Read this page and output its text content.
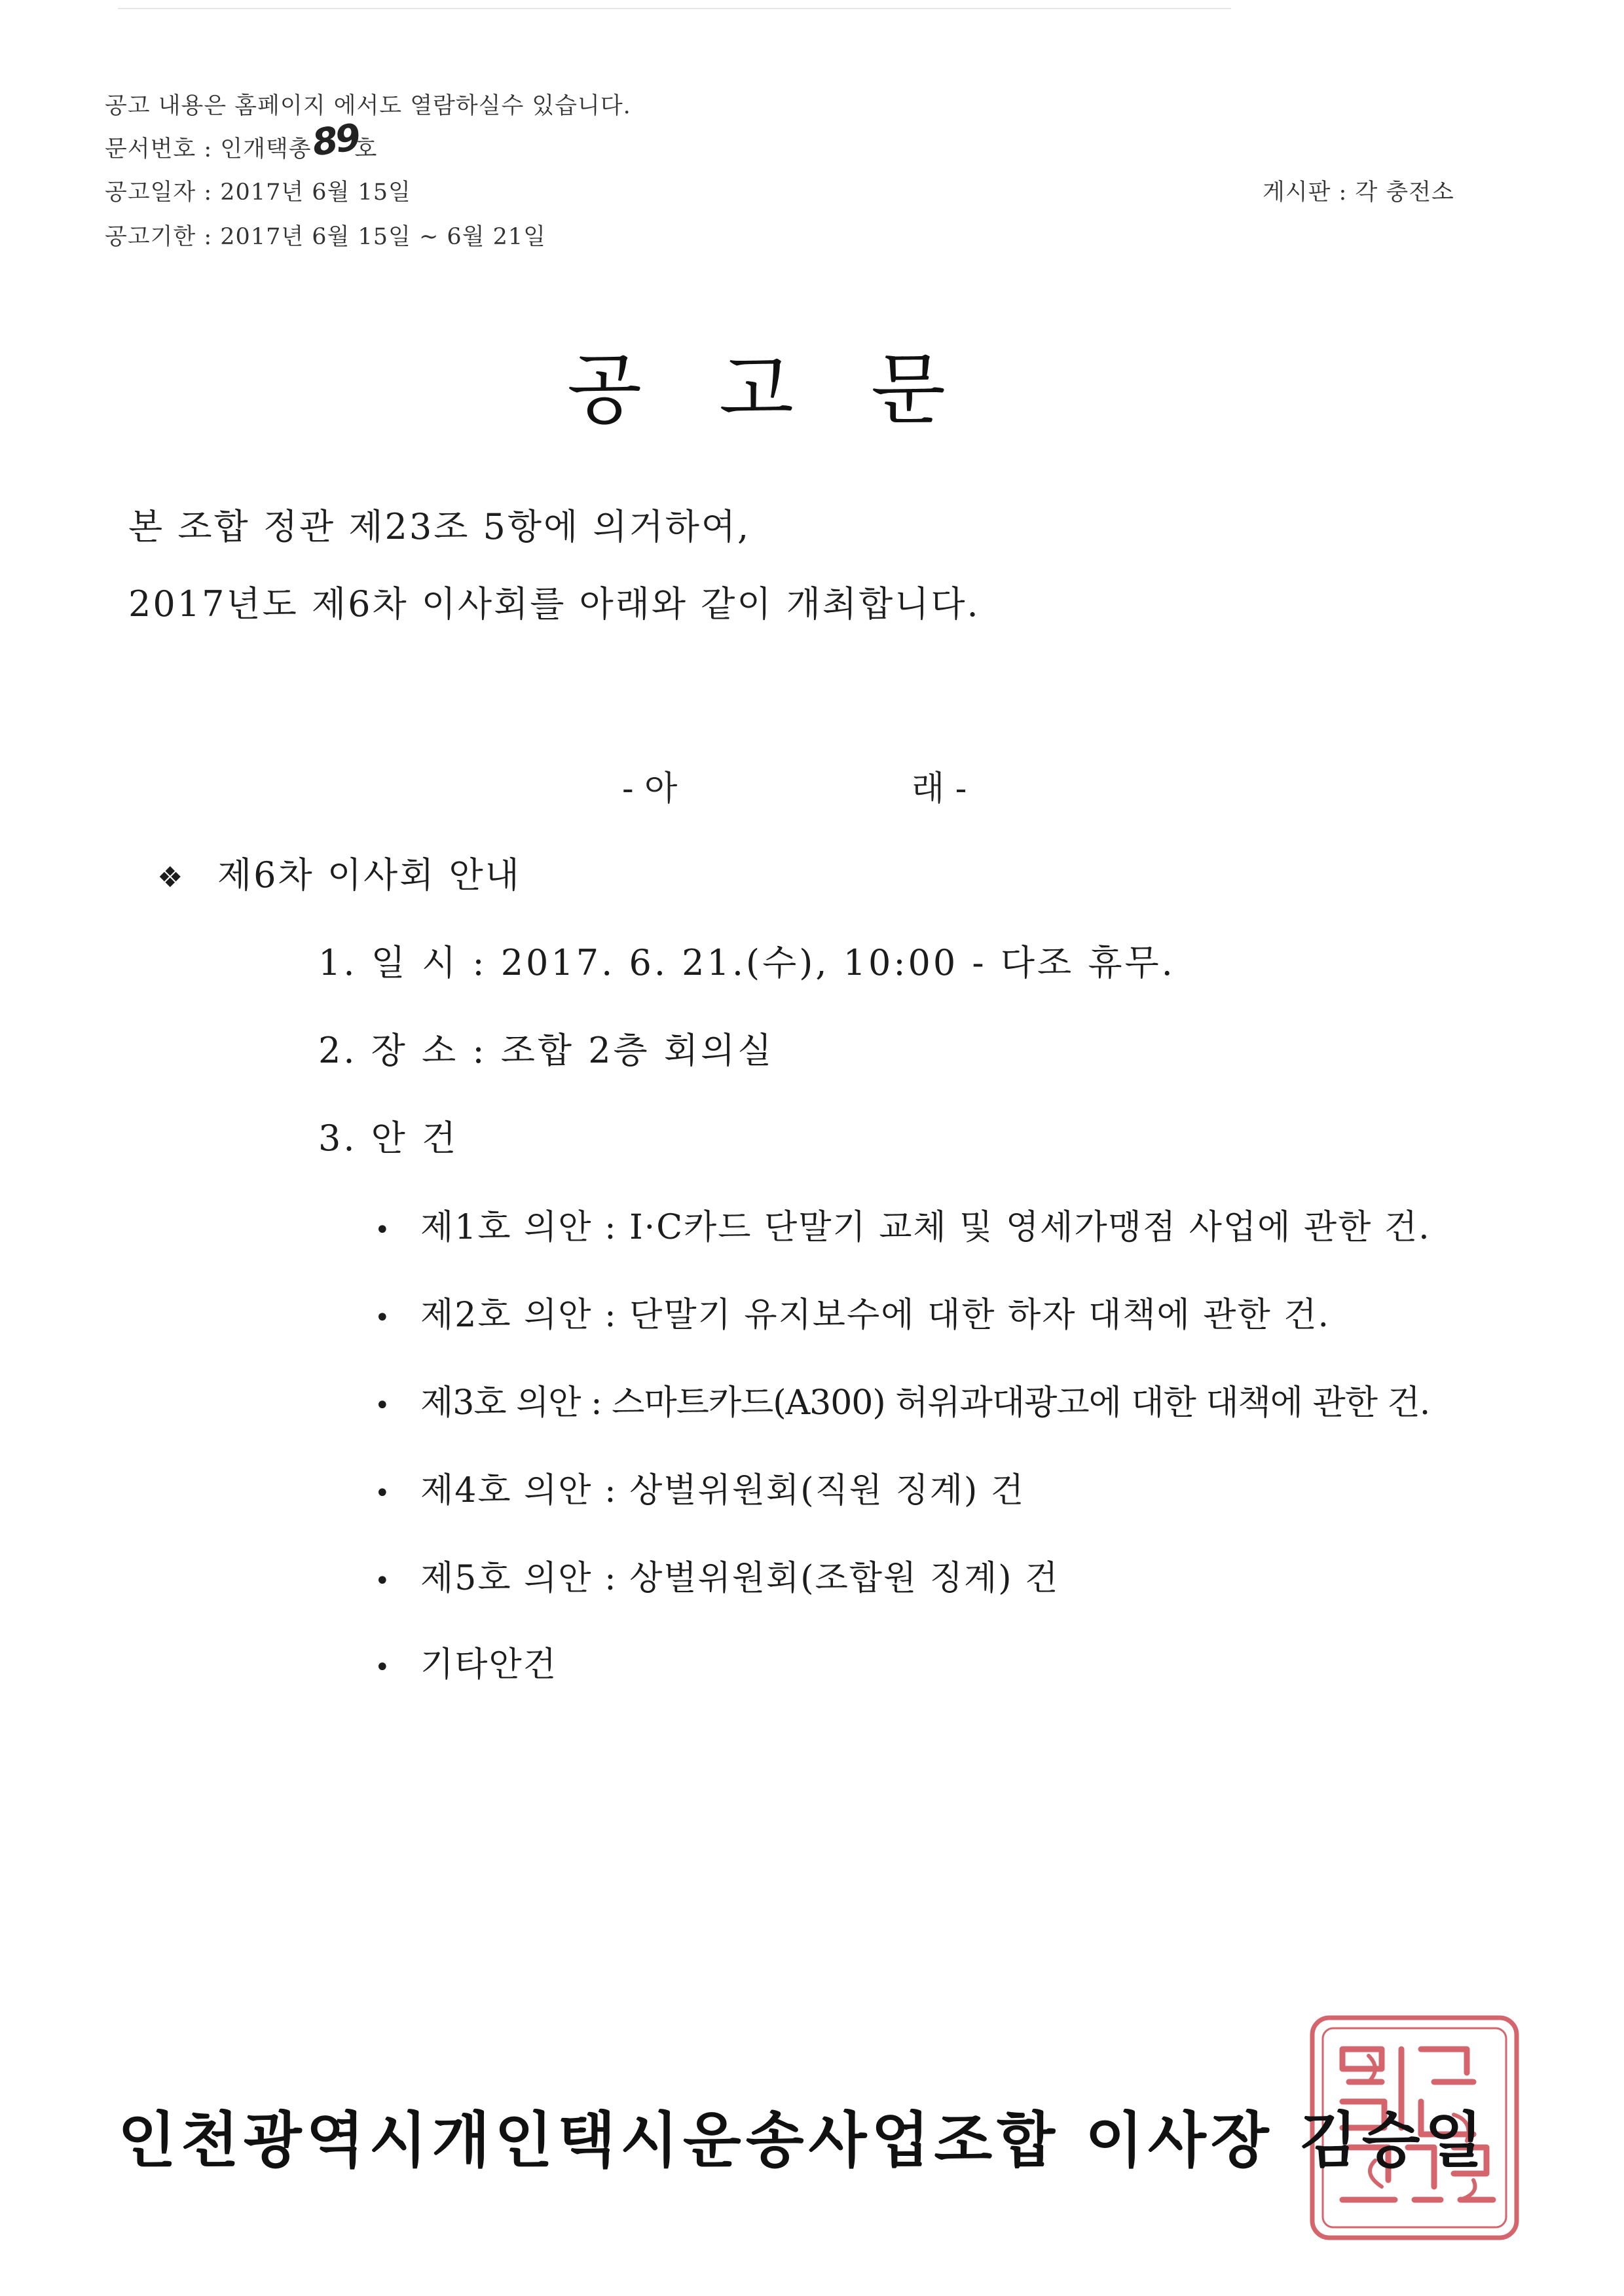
공고 내용은 홈페이지 에서도 열람하실수 있습니다.
문서번호 : 인개택총89호
공고일자 : 2017년 6월 15일
공고기한 : 2017년 6월 15일 ~ 6월 21일
게시판 : 각 충전소
공고문
본 조합 정관 제23조 5항에 의거하여,
2017년도 제6차 이사회를 아래와 같이 개최합니다.
- 아	래 -
❖ 제6차 이사회 안내
1. 일 시 : 2017. 6. 21.(수), 10:00 - 다조 휴무.
2. 장 소 : 조합 2층 회의실
3. 안 건
• 제1호 의안 : I·C카드 단말기 교체 및 영세가맹점 사업에 관한 건.
• 제2호 의안 : 단말기 유지보수에 대한 하자 대책에 관한 건.
• 제3호 의안 : 스마트카드(A300) 허위과대광고에 대한 대책에 관한 건.
• 제4호 의안 : 상벌위원회(직원 징계) 건
• 제5호 의안 : 상벌위원회(조합원 징계) 건
• 기타안건
인천광역시개인택시운송사업조합 이사장 김승일
